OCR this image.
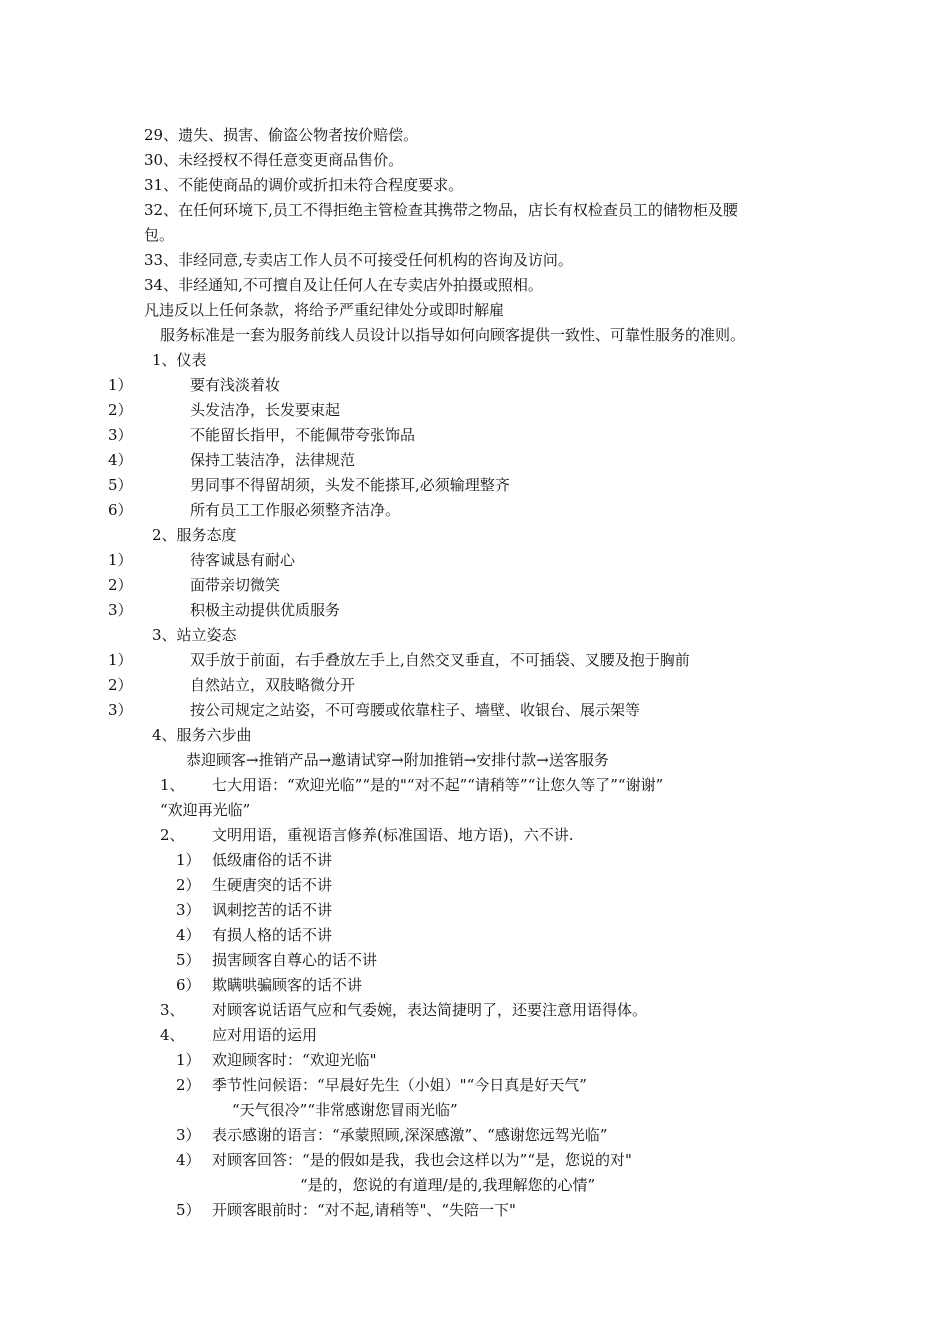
29、遗失、损害、偷盗公物者按价赔偿。
30、未经授权不得任意变更商品售价。
31、不能使商品的调价或折扣未符合程度要求。
32、在任何环境下,员工不得拒绝主管检查其携带之物品，店长有权检查员工的储物柜及腰
包。
33、非经同意,专卖店工作人员不可接受任何机构的咨询及访问。
34、非经通知,不可擅自及让任何人在专卖店外拍摄或照相。
凡违反以上任何条款，将给予严重纪律处分或即时解雇
服务标准是一套为服务前线人员设计以指导如何向顾客提供一致性、可靠性服务的准则。
1、仪表
1）	要有浅淡着妆
2）	头发洁净，长发要束起
3）	不能留长指甲，不能佩带夸张饰品
4）	保持工装洁净，法律规范
5）	男同事不得留胡须，头发不能搽耳,必须输理整齐
6）	所有员工工作服必须整齐洁净。
2、服务态度
1）	待客诚恳有耐心
2）	面带亲切微笑
3）	积极主动提供优质服务
3、站立姿态
1）	双手放于前面，右手叠放左手上,自然交叉垂直，不可插袋、叉腰及抱于胸前
2）	自然站立，双肢略微分开
3）	按公司规定之站姿，不可弯腰或依靠柱子、墙壁、收银台、展示架等
4、服务六步曲
恭迎顾客→推销产品→邀请试穿→附加推销→安排付款→送客服务
1、 七大用语：“欢迎光临”“是的"“对不起”“请稍等”“让您久等了”“谢谢”
“欢迎再光临”
2、 文明用语，重视语言修养(标准国语、地方语)，六不讲.
1） 低级庸俗的话不讲
2） 生硬唐突的话不讲
3） 讽刺挖苦的话不讲
4） 有损人格的话不讲
5） 损害顾客自尊心的话不讲
6） 欺瞒哄骗顾客的话不讲
3、 对顾客说话语气应和气委婉，表达简捷明了，还要注意用语得体。
4、 应对用语的运用
1） 欢迎顾客时：“欢迎光临"
2） 季节性问候语：“早晨好先生（小姐）"“今日真是好天气”
“天气很冷”“非常感谢您冒雨光临”
3） 表示感谢的语言：“承蒙照顾,深深感激”、“感谢您远驾光临”
4） 对顾客回答：“是的假如是我，我也会这样以为”“是，您说的对"
“是的，您说的有道理/是的,我理解您的心情”
5） 开顾客眼前时：“对不起,请稍等"、“失陪一下"
